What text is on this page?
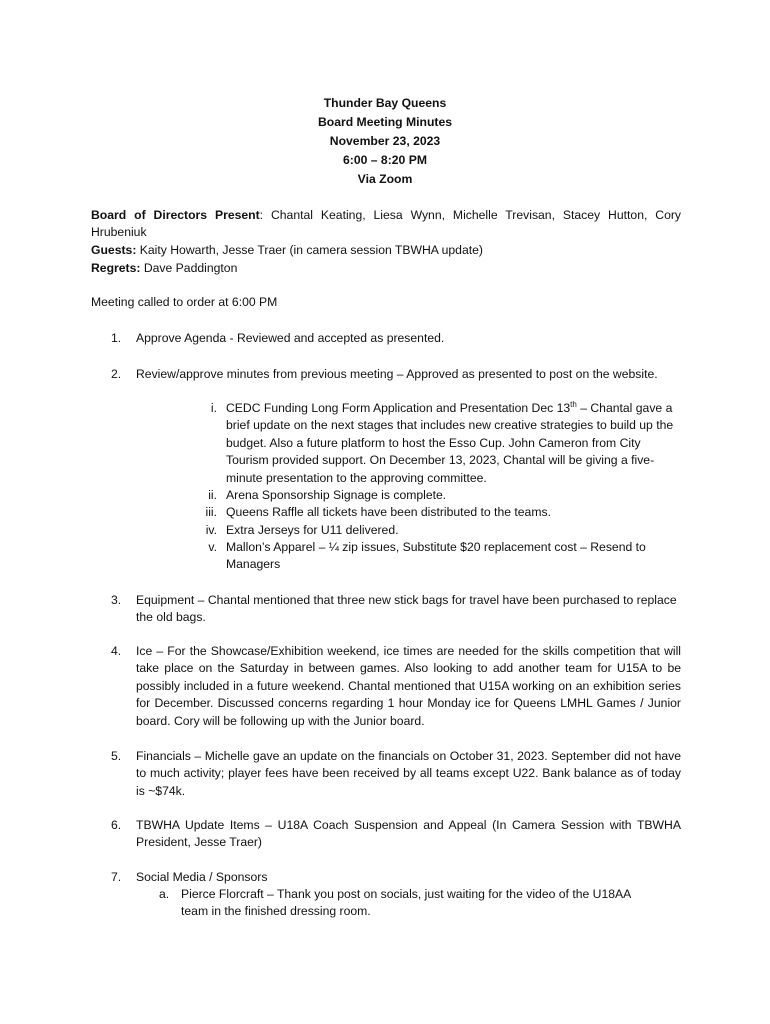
Thunder Bay Queens
Board Meeting Minutes
November 23, 2023
6:00 – 8:20 PM
Via Zoom
Board of Directors Present: Chantal Keating, Liesa Wynn, Michelle Trevisan, Stacey Hutton, Cory Hrubeniuk
Guests: Kaity Howarth, Jesse Traer (in camera session TBWHA update)
Regrets: Dave Paddington
Meeting called to order at 6:00 PM
1. Approve Agenda - Reviewed and accepted as presented.
2. Review/approve minutes from previous meeting – Approved as presented to post on the website.
i. CEDC Funding Long Form Application and Presentation Dec 13th – Chantal gave a brief update on the next stages that includes new creative strategies to build up the budget. Also a future platform to host the Esso Cup. John Cameron from City Tourism provided support. On December 13, 2023, Chantal will be giving a five-minute presentation to the approving committee.
ii. Arena Sponsorship Signage is complete.
iii. Queens Raffle all tickets have been distributed to the teams.
iv. Extra Jerseys for U11 delivered.
v. Mallon’s Apparel – ¼ zip issues, Substitute $20 replacement cost – Resend to Managers
3. Equipment – Chantal mentioned that three new stick bags for travel have been purchased to replace the old bags.
4. Ice – For the Showcase/Exhibition weekend, ice times are needed for the skills competition that will take place on the Saturday in between games. Also looking to add another team for U15A to be possibly included in a future weekend. Chantal mentioned that U15A working on an exhibition series for December. Discussed concerns regarding 1 hour Monday ice for Queens LMHL Games / Junior board. Cory will be following up with the Junior board.
5. Financials – Michelle gave an update on the financials on October 31, 2023. September did not have to much activity; player fees have been received by all teams except U22. Bank balance as of today is ~$74k.
6. TBWHA Update Items – U18A Coach Suspension and Appeal (In Camera Session with TBWHA President, Jesse Traer)
7. Social Media / Sponsors
a. Pierce Florcraft – Thank you post on socials, just waiting for the video of the U18AA team in the finished dressing room.
